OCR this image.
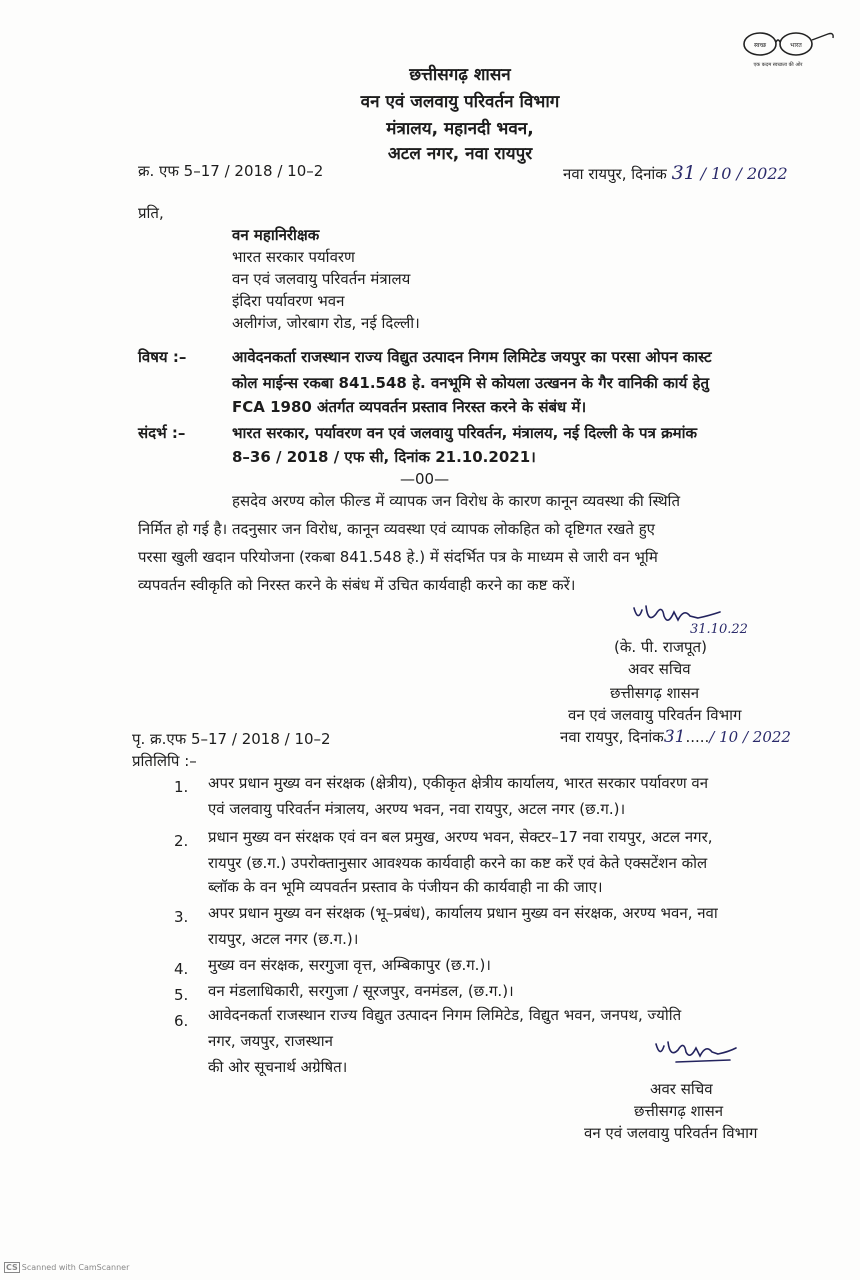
स्वच्छ	भारत
एक कदम स्वच्छता की ओर
छत्तीसगढ़ शासन
वन एवं जलवायु परिवर्तन विभाग
मंत्रालय, महानदी भवन,
अटल नगर, नवा रायपुर
क्र. एफ 5–17 / 2018 / 10–2	नवा रायपुर, दिनांक 31 / 10 / 2022
प्रति,
वन महानिरीक्षक
भारत सरकार पर्यावरण
वन एवं जलवायु परिवर्तन मंत्रालय
इंदिरा पर्यावरण भवन
अलीगंज, जोरबाग रोड, नई दिल्ली।
विषय :–	आवेदनकर्ता राजस्थान राज्य विद्युत उत्पादन निगम लिमिटेड जयपुर का परसा ओपन कास्ट
कोल माईन्स रकबा 841.548 हे. वनभूमि से कोयला उत्खनन के गैर वानिकी कार्य हेतु
FCA 1980 अंतर्गत व्यपवर्तन प्रस्ताव निरस्त करने के संबंध में।
संदर्भ :–	भारत सरकार, पर्यावरण वन एवं जलवायु परिवर्तन, मंत्रालय, नई दिल्ली के पत्र क्रमांक
8–36 / 2018 / एफ सी, दिनांक 21.10.2021।
—00—
हसदेव अरण्य कोल फील्ड में व्यापक जन विरोध के कारण कानून व्यवस्था की स्थिति
निर्मित हो गई है। तदनुसार जन विरोध, कानून व्यवस्था एवं व्यापक लोकहित को दृष्टिगत रखते हुए
परसा खुली खदान परियोजना (रकबा 841.548 हे.) में संदर्भित पत्र के माध्यम से जारी वन भूमि
व्यपवर्तन स्वीकृति को निरस्त करने के संबंध में उचित कार्यवाही करने का कष्ट करें।
31.10.22
(के. पी. राजपूत)
अवर सचिव
छत्तीसगढ़ शासन
वन एवं जलवायु परिवर्तन विभाग
पृ. क्र.एफ 5–17 / 2018 / 10–2	नवा रायपुर, दिनांक31...../ 10 / 2022
प्रतिलिपि :–
1. अपर प्रधान मुख्य वन संरक्षक (क्षेत्रीय), एकीकृत क्षेत्रीय कार्यालय, भारत सरकार पर्यावरण वन
एवं जलवायु परिवर्तन मंत्रालय, अरण्य भवन, नवा रायपुर, अटल नगर (छ.ग.)।
2. प्रधान मुख्य वन संरक्षक एवं वन बल प्रमुख, अरण्य भवन, सेक्टर–17 नवा रायपुर, अटल नगर,
रायपुर (छ.ग.) उपरोक्तानुसार आवश्यक कार्यवाही करने का कष्ट करें एवं केते एक्सटेंशन कोल
ब्लॉक के वन भूमि व्यपवर्तन प्रस्ताव के पंजीयन की कार्यवाही ना की जाए।
3. अपर प्रधान मुख्य वन संरक्षक (भू–प्रबंध), कार्यालय प्रधान मुख्य वन संरक्षक, अरण्य भवन, नवा
रायपुर, अटल नगर (छ.ग.)।
4. मुख्य वन संरक्षक, सरगुजा वृत्त, अम्बिकापुर (छ.ग.)।
5. वन मंडलाधिकारी, सरगुजा / सूरजपुर, वनमंडल, (छ.ग.)।
6. आवेदनकर्ता राजस्थान राज्य विद्युत उत्पादन निगम लिमिटेड, विद्युत भवन, जनपथ, ज्योति
नगर, जयपुर, राजस्थान
की ओर सूचनार्थ अग्रेषित।
अवर सचिव
छत्तीसगढ़ शासन
वन एवं जलवायु परिवर्तन विभाग
CS Scanned with CamScanner
